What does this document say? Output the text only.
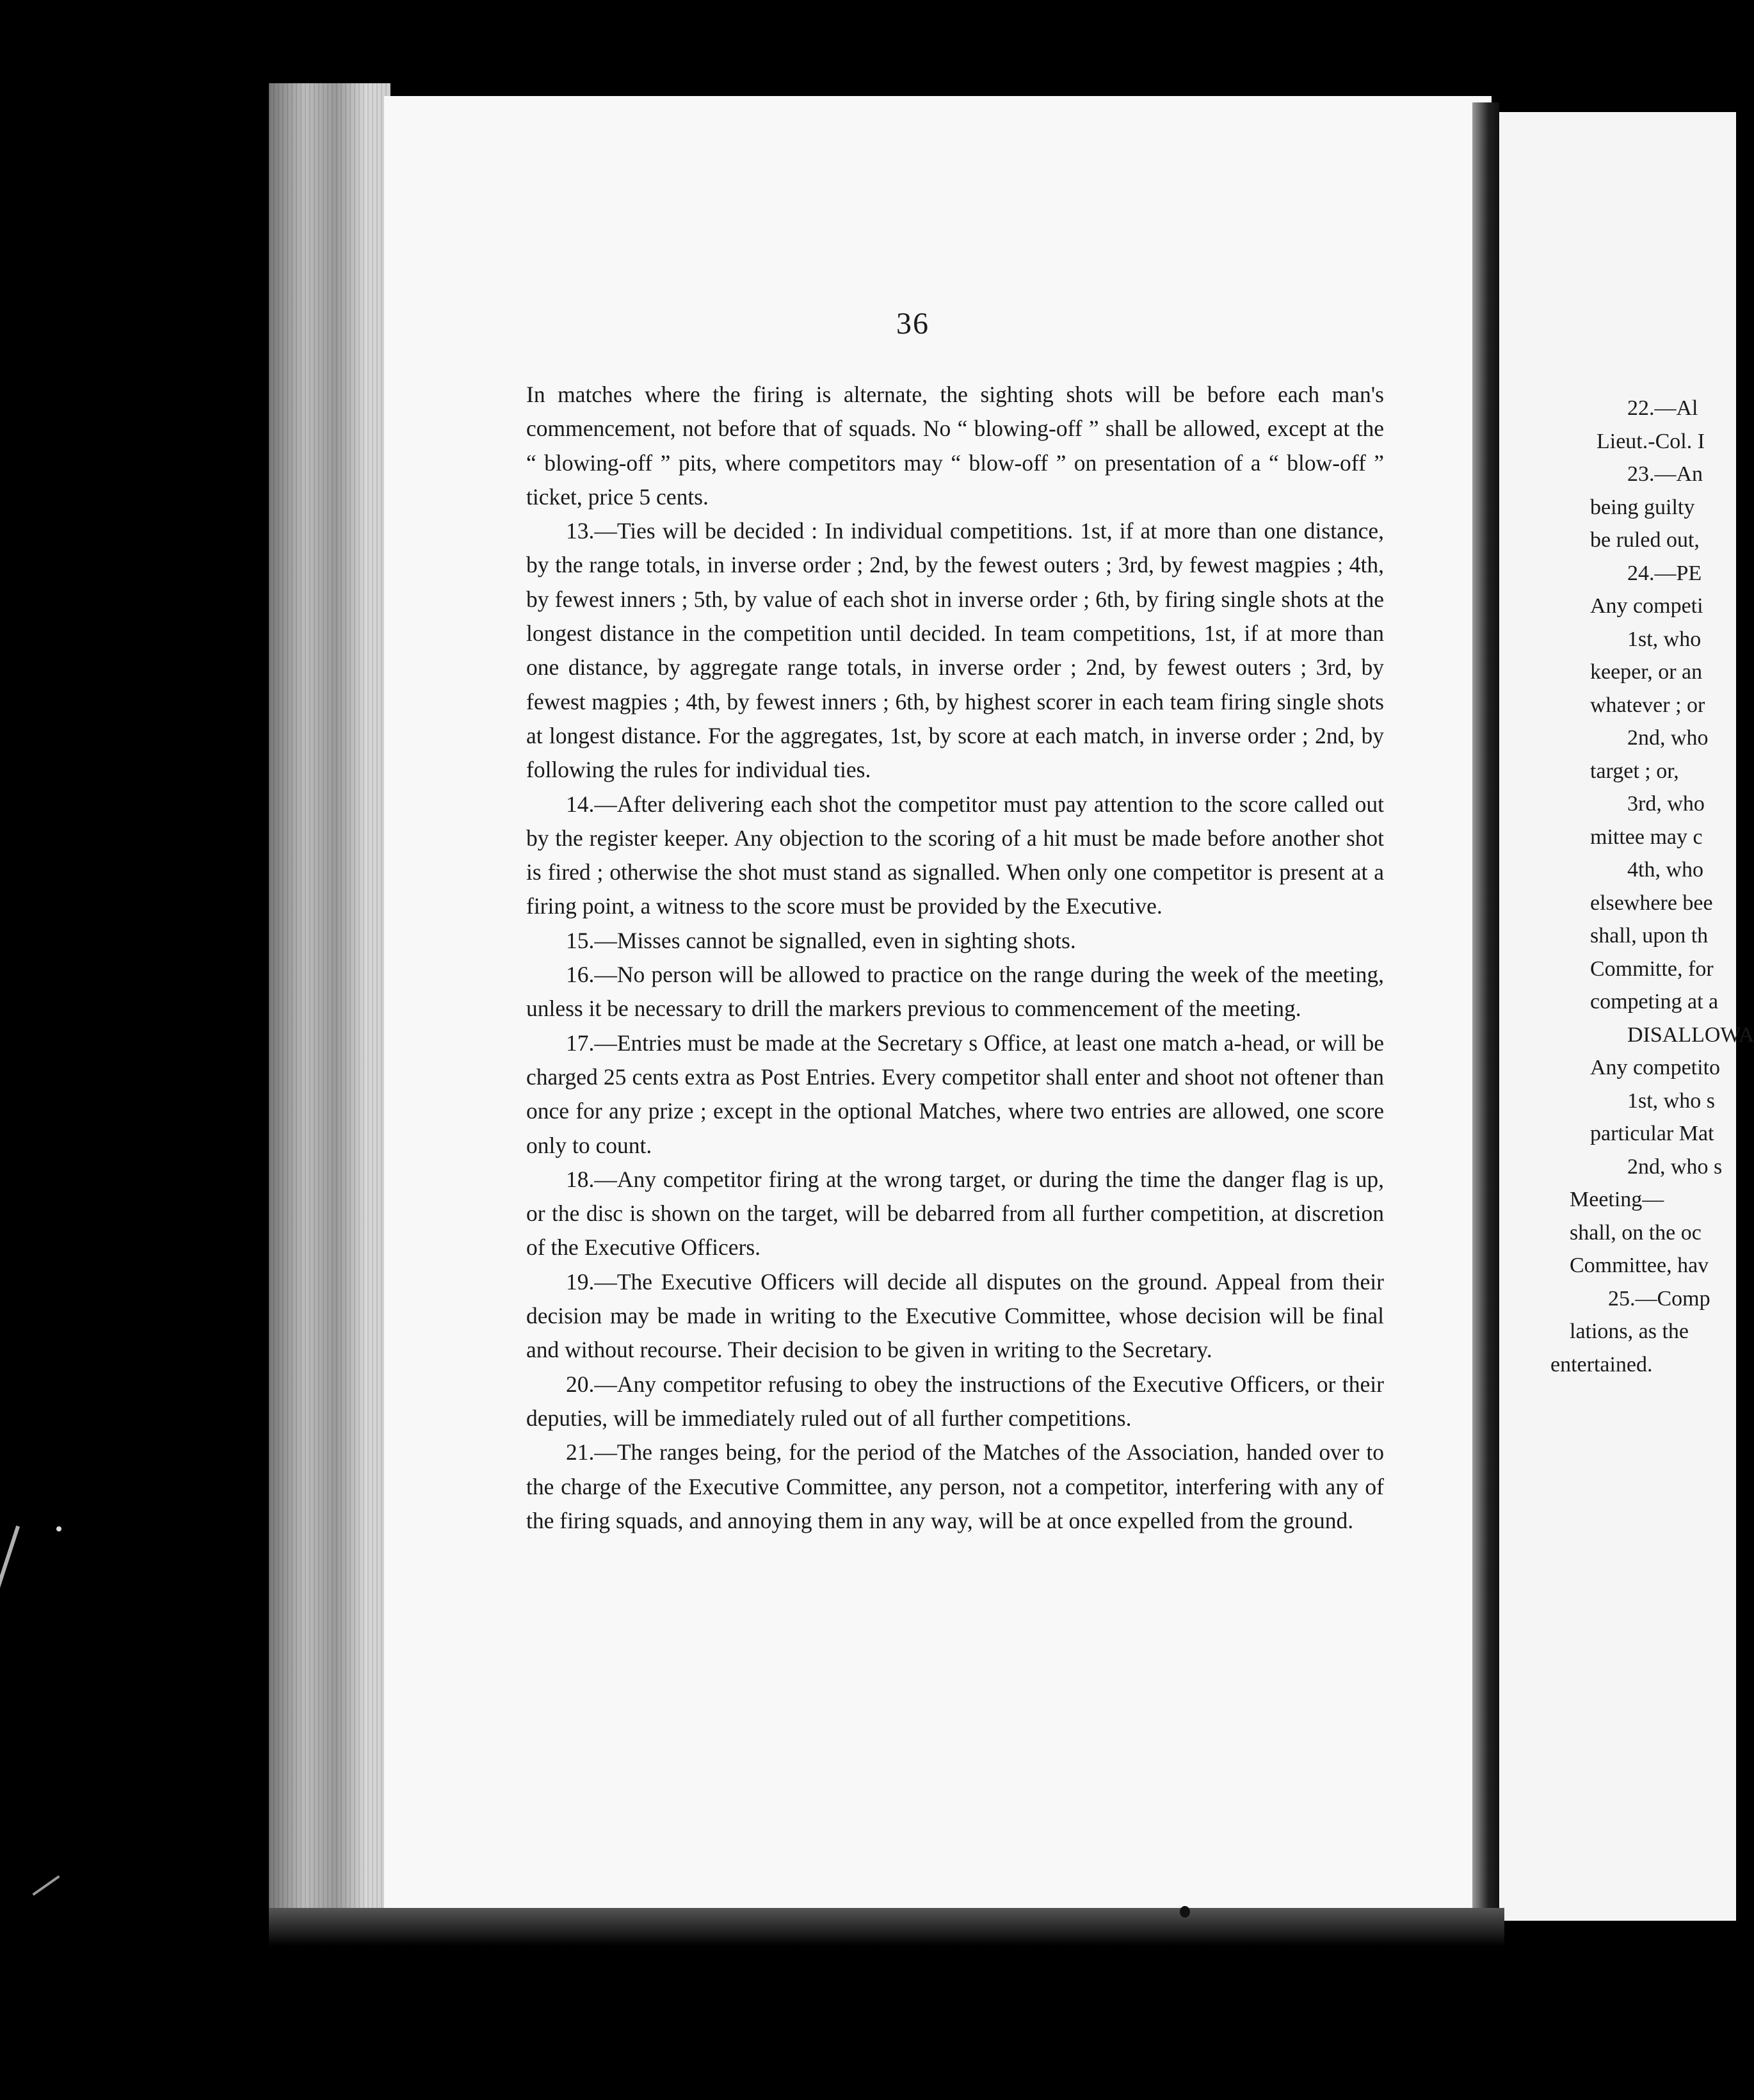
36

In matches where the firing is alternate, the sighting shots will be before each man's commencement, not before that of squads. No “ blowing-off ” shall be allowed, except at the “ blowing-off ” pits, where competitors may “ blow-off ” on presentation of a “ blow-off ” ticket, price 5 cents.

13.—Ties will be decided : In individual competitions. 1st, if at more than one distance, by the range totals, in inverse order ; 2nd, by the fewest outers ; 3rd, by fewest magpies ; 4th, by fewest inners ; 5th, by value of each shot in inverse order ; 6th, by firing single shots at the longest distance in the competition until decided. In team competitions, 1st, if at more than one distance, by aggregate range totals, in inverse order ; 2nd, by fewest outers ; 3rd, by fewest magpies ; 4th, by fewest inners ; 6th, by highest scorer in each team firing single shots at longest distance. For the aggregates, 1st, by score at each match, in inverse order ; 2nd, by following the rules for individual ties.

14.—After delivering each shot the competitor must pay attention to the score called out by the register keeper. Any objection to the scoring of a hit must be made before another shot is fired ; otherwise the shot must stand as signalled. When only one competitor is present at a firing point, a witness to the score must be provided by the Executive.

15.—Misses cannot be signalled, even in sighting shots.

16.—No person will be allowed to practice on the range during the week of the meeting, unless it be necessary to drill the markers previous to commencement of the meeting.

17.—Entries must be made at the Secretary s Office, at least one match a-head, or will be charged 25 cents extra as Post Entries. Every competitor shall enter and shoot not oftener than once for any prize ; except in the optional Matches, where two entries are allowed, one score only to count.

18.—Any competitor firing at the wrong target, or during the time the danger flag is up, or the disc is shown on the target, will be debarred from all further competition, at discretion of the Executive Officers.

19.—The Executive Officers will decide all disputes on the ground. Appeal from their decision may be made in writing to the Executive Committee, whose decision will be final and without recourse. Their decision to be given in writing to the Secretary.

20.—Any competitor refusing to obey the instructions of the Executive Officers, or their deputies, will be immediately ruled out of all further competitions.

21.—The ranges being, for the period of the Matches of the Association, handed over to the charge of the Executive Committee, any person, not a competitor, interfering with any of the firing squads, and annoying them in any way, will be at once expelled from the ground.

22.—Al
Lieut.-Col. I
23.—An
being guilty
be ruled out,
24.—PE
Any competi
1st, who
keeper, or an
whatever ; or
2nd, who
target ; or,
3rd, who
mittee may c
4th, who
elsewhere bee
shall, upon th
Committe, for
competing at a
DISALLOWA
Any competito
1st, who s
particular Mat
2nd, who s
Meeting—
shall, on the oc
Committee, hav
25.—Comp
lations, as the
entertained.
